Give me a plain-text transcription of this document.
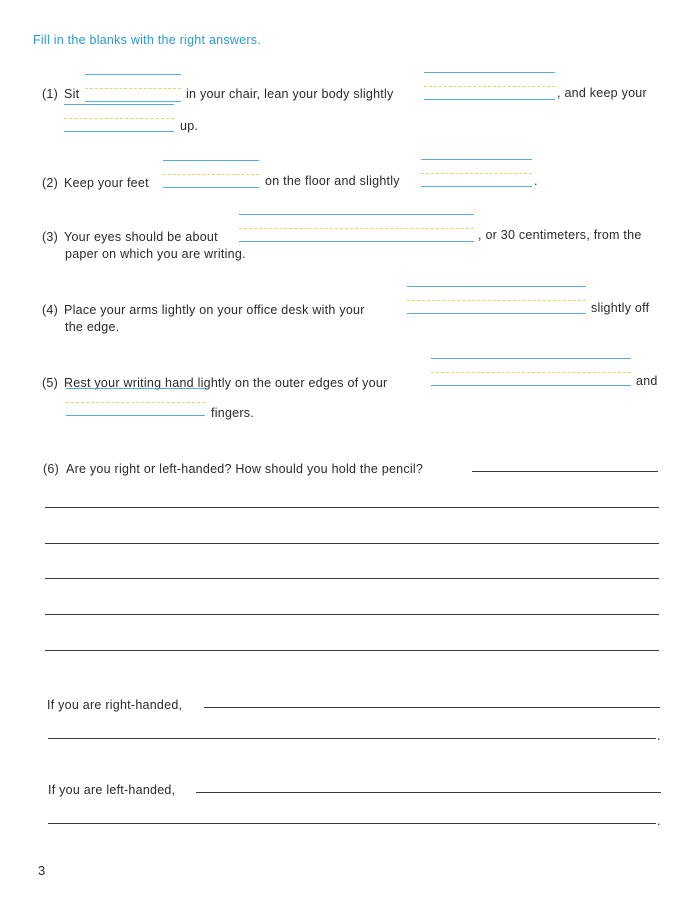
Fill in the blanks with the right answers.
(1) Sit	in your chair, lean your body slightly	, and keep your
up.
(2) Keep your feet	on the floor and slightly	.
(3) Your eyes should be about	, or 30 centimeters, from the
paper on which you are writing.
(4) Place your arms lightly on your office desk with your	slightly off
the edge.
(5) Rest your writing hand lightly on the outer edges of your	and
fingers.
(6) Are you right or left-handed? How should you hold the pencil?
If you are right-handed,
.
If you are left-handed,
.
3
